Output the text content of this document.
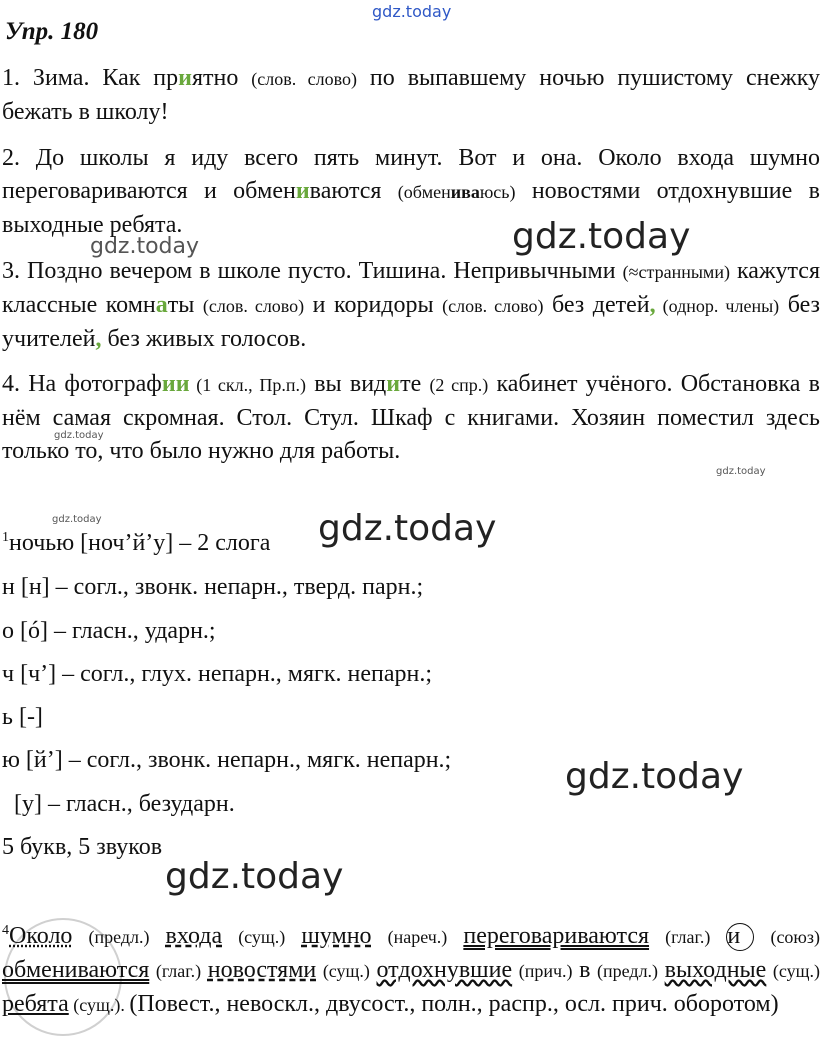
gdz.today
gdz.today
gdz.today
gdz.today
gdz.today
gdz.today	gdz.today
gdz.today
gdz.today
Упр. 180
1. Зима. Как приятно (слов. слово) по выпавшему ночью пушистому снежку бежать в школу!
2. До школы я иду всего пять минут. Вот и она. Около входа шумно переговариваются и обмениваются (обмениваюсь) новостями отдохнувшие в выходные ребята.
3. Поздно вечером в школе пусто. Тишина. Непривычными (≈странными) кажутся классные комнаты (слов. слово) и коридоры (слов. слово) без детей, (однор. члены) без учителей, без живых голосов.
4. На фотографии (1 скл., Пр.п.) вы видите (2 спр.) кабинет учёного. Обстановка в нём самая скромная. Стол. Стул. Шкаф с книгами. Хозяин поместил здесь только то, что было нужно для работы.
$^1$ночью [ноч’й’у] – 2 слога
н [н] – согл., звонк. непарн., тверд. парн.;
о [ó] – гласн., ударн.;
ч [ч’] – согл., глух. непарн., мягк. непарн.;
ь [-]
ю [й’] – согл., звонк. непарн., мягк. непарн.;
[у] – гласн., безударн.
5 букв, 5 звуков
$^4$Около (предл.) входа (сущ.) шумно (нареч.) переговариваются (глаг.) и (союз) обмениваются (глаг.) новостями (сущ.) отдохнувшие (прич.) в (предл.) выходные (сущ.) ребята (сущ.). (Повест., невоскл., двусост., полн., распр., осл. прич. оборотом)
